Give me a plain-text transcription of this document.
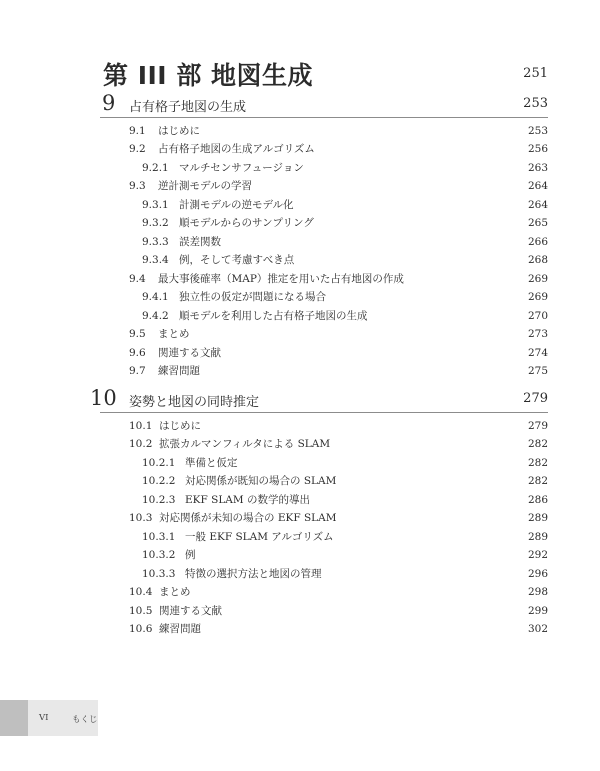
第 III 部 地図生成	251
9 占有格子地図の生成	253
9.1 はじめに	253
9.2 占有格子地図の生成アルゴリズム	256
9.2.1 マルチセンサフュージョン	263
9.3 逆計測モデルの学習	264
9.3.1 計測モデルの逆モデル化	264
9.3.2 順モデルからのサンプリング	265
9.3.3 誤差関数	266
9.3.4 例，そして考慮すべき点	268
9.4 最大事後確率（MAP）推定を用いた占有地図の作成	269
9.4.1 独立性の仮定が問題になる場合	269
9.4.2 順モデルを利用した占有格子地図の生成	270
9.5 まとめ	273
9.6 関連する文献	274
9.7 練習問題	275
10 姿勢と地図の同時推定	279
10.1 はじめに	279
10.2 拡張カルマンフィルタによる SLAM	282
10.2.1 準備と仮定	282
10.2.2 対応関係が既知の場合の SLAM	282
10.2.3 EKF SLAM の数学的導出	286
10.3 対応関係が未知の場合の EKF SLAM	289
10.3.1 一般 EKF SLAM アルゴリズム	289
10.3.2 例	292
10.3.3 特徴の選択方法と地図の管理	296
10.4 まとめ	298
10.5 関連する文献	299
10.6 練習問題	302
VI	もくじ
